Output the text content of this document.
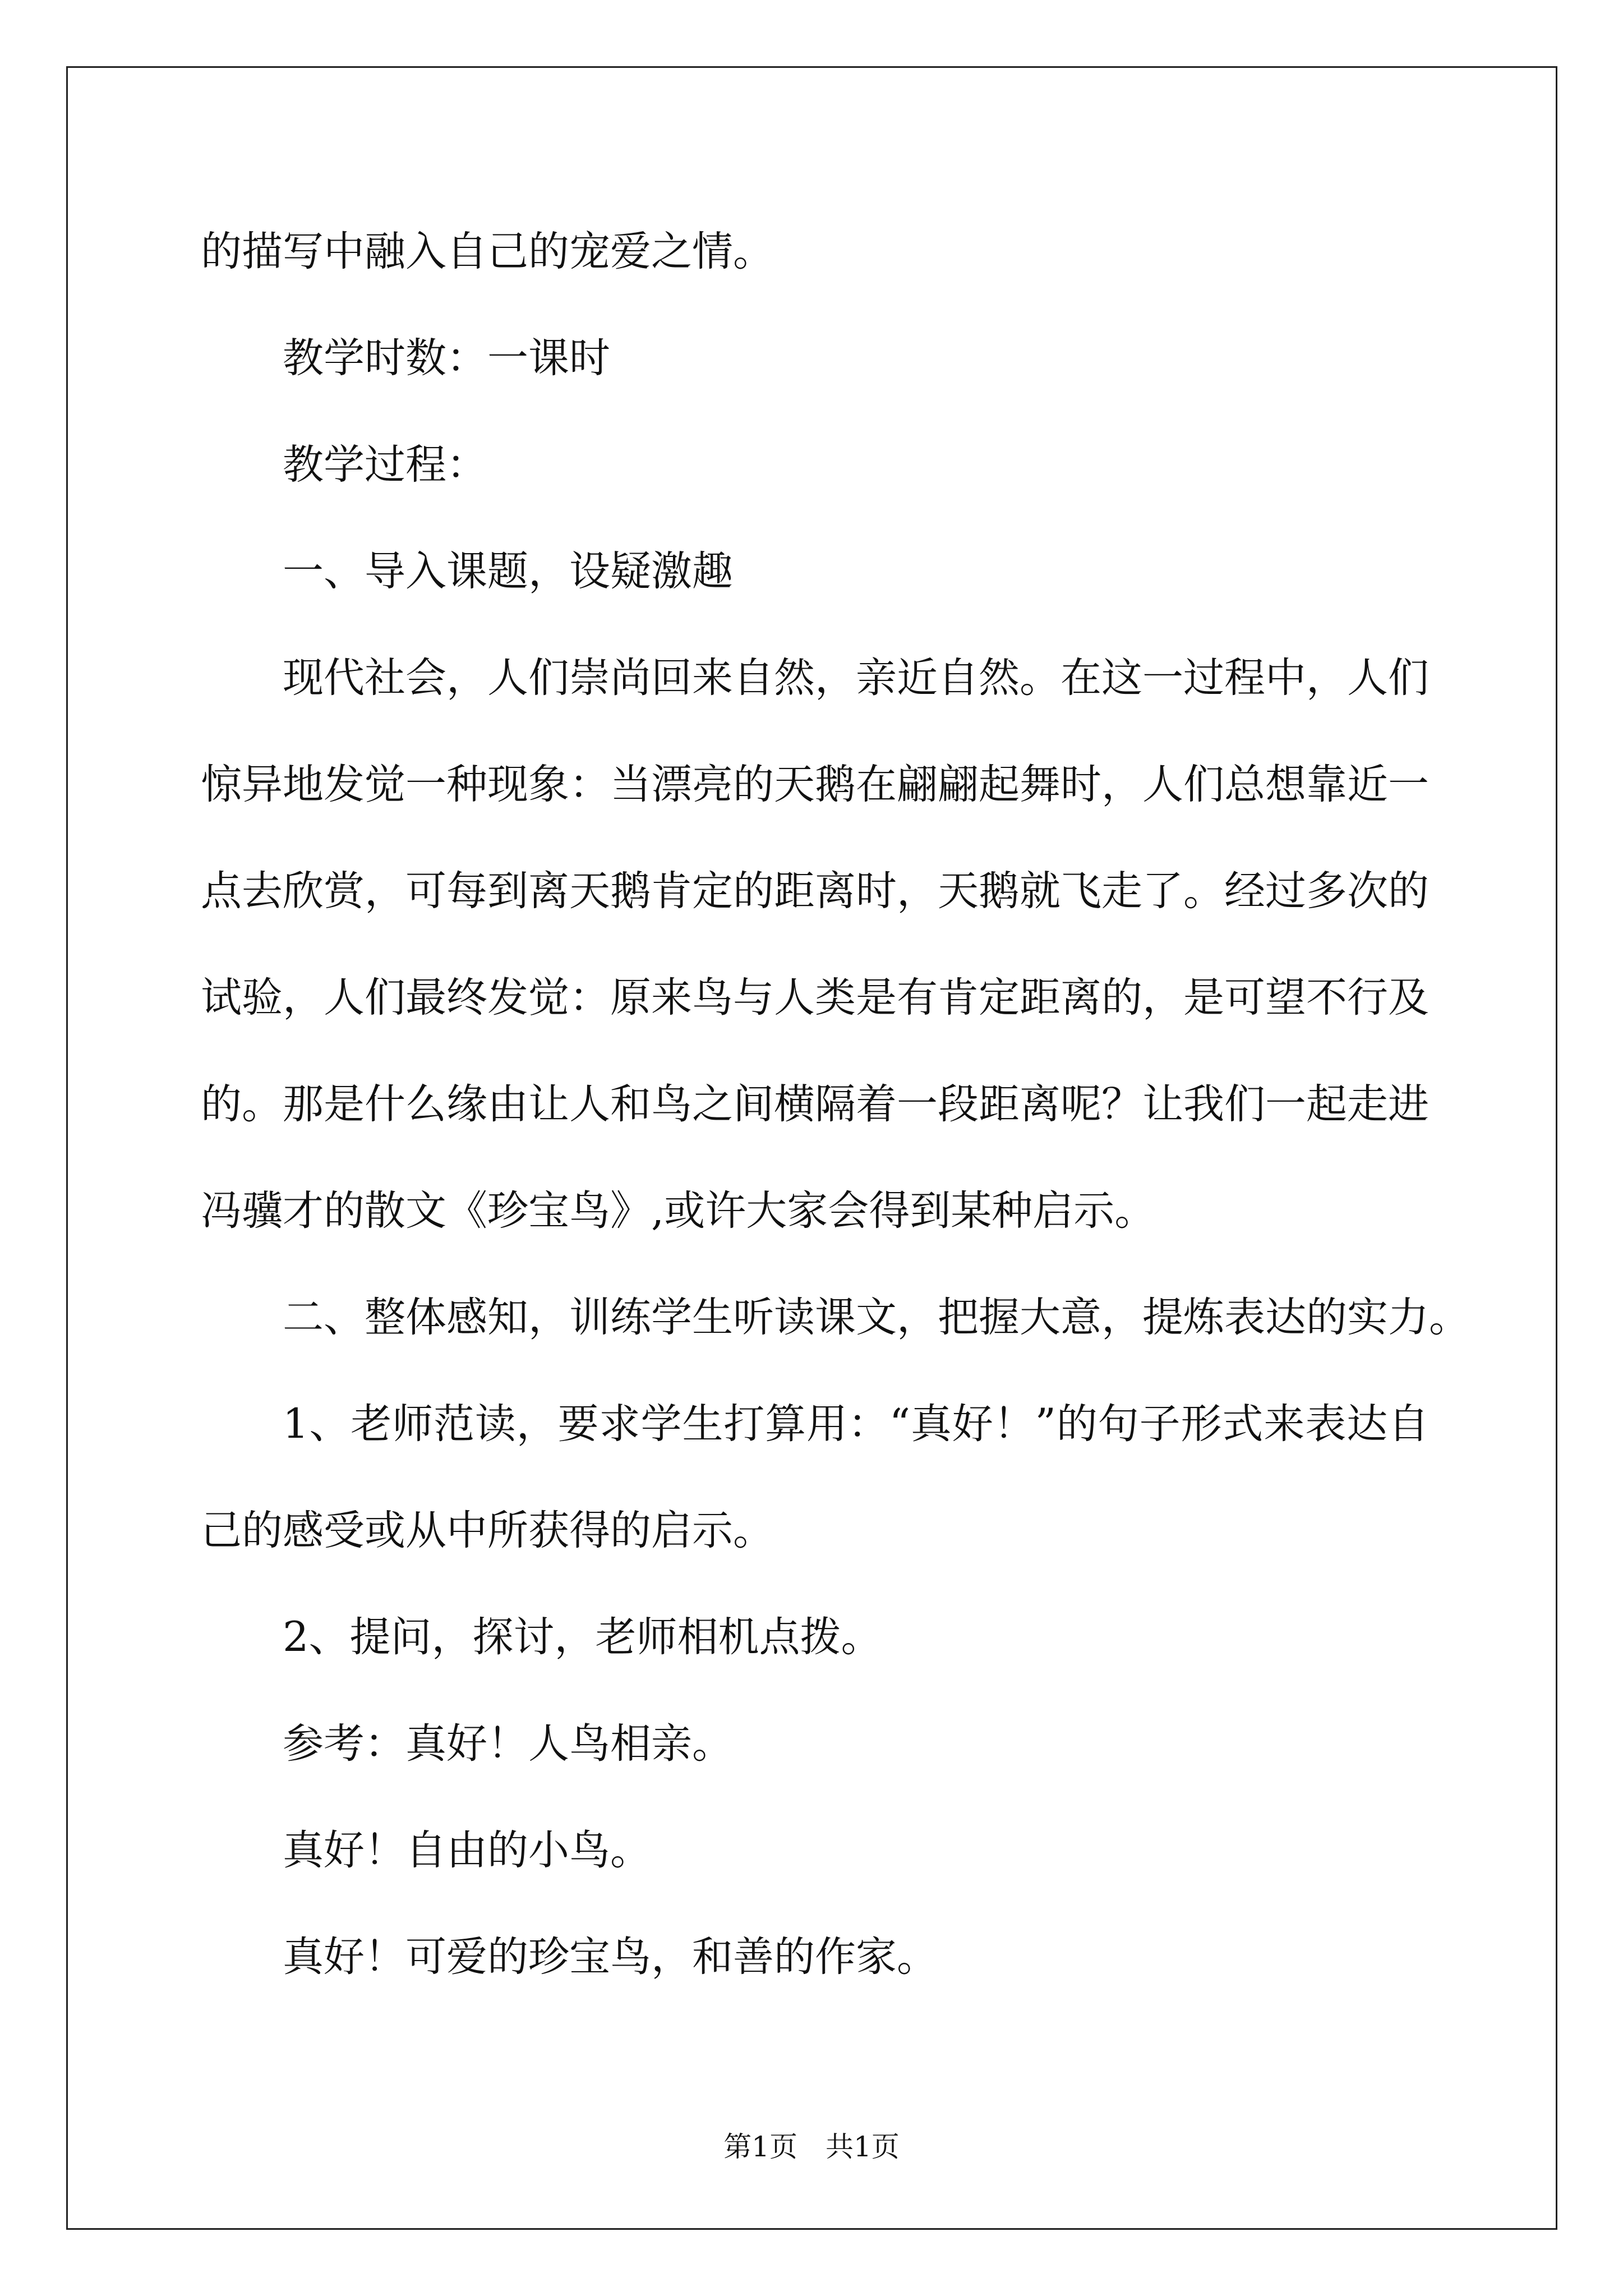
的描写中融入自己的宠爱之情。

教学时数：一课时

教学过程：

一、导入课题，设疑激趣

现代社会，人们崇尚回来自然，亲近自然。在这一过程中，人们

惊异地发觉一种现象：当漂亮的天鹅在翩翩起舞时，人们总想靠近一

点去欣赏，可每到离天鹅肯定的距离时，天鹅就飞走了。经过多次的

试验，人们最终发觉：原来鸟与人类是有肯定距离的，是可望不行及

的。那是什么缘由让人和鸟之间横隔着一段距离呢？让我们一起走进

冯骥才的散文《珍宝鸟》,或许大家会得到某种启示。

二、整体感知，训练学生听读课文，把握大意，提炼表达的实力。

1、老师范读，要求学生打算用：“真好！”的句子形式来表达自

己的感受或从中所获得的启示。

2、提问，探讨，老师相机点拨。

参考：真好！人鸟相亲。

真好！自由的小鸟。

真好！可爱的珍宝鸟，和善的作家。

第1页 共1页
